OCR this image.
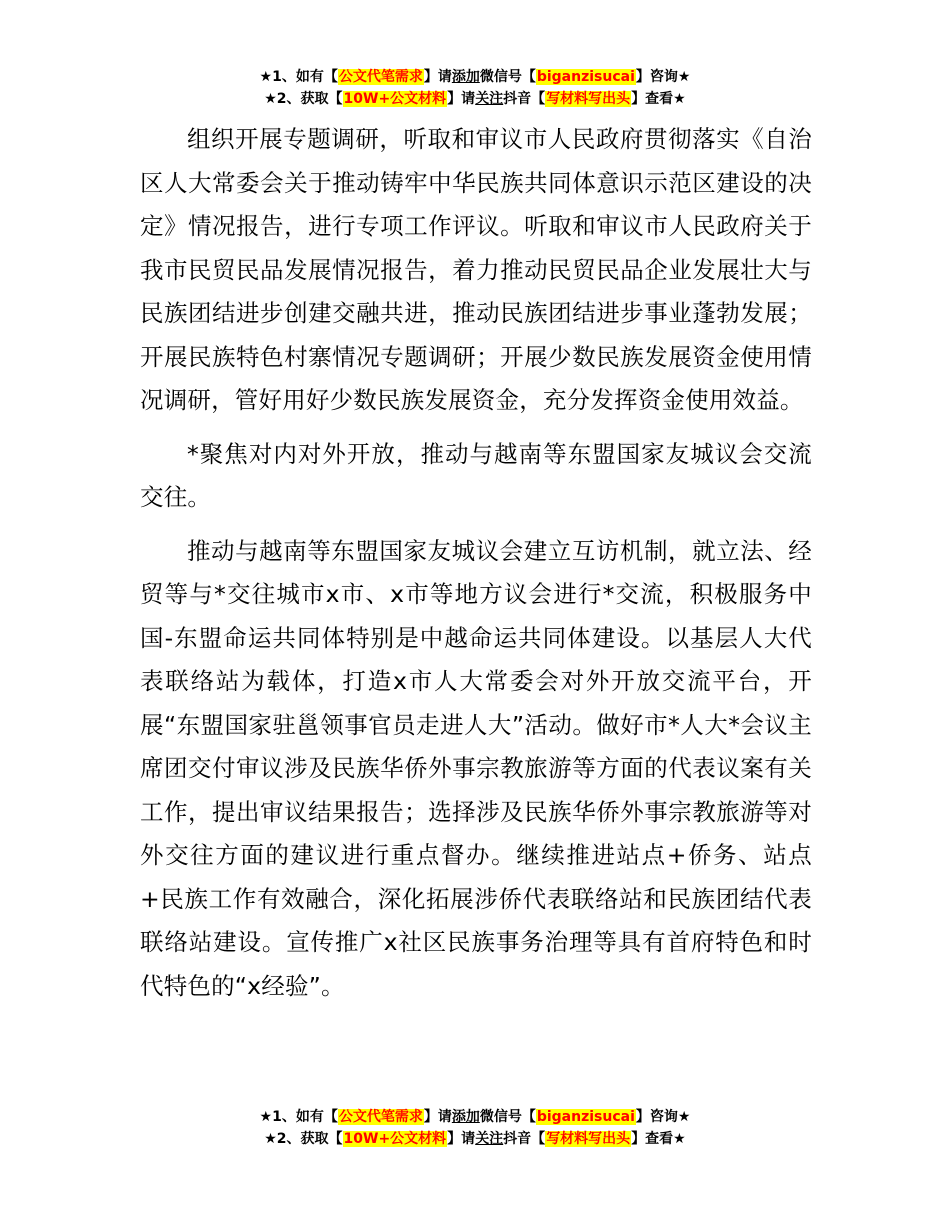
★1、如有【公文代笔需求】请添加微信号【biganzisucai】咨询★
★2、获取【10W+公文材料】请关注抖音【写材料写出头】查看★

组织开展专题调研，听取和审议市人民政府贯彻落实《自治区人大常委会关于推动铸牢中华民族共同体意识示范区建设的决定》情况报告，进行专项工作评议。听取和审议市人民政府关于我市民贸民品发展情况报告，着力推动民贸民品企业发展壮大与民族团结进步创建交融共进，推动民族团结进步事业蓬勃发展；开展民族特色村寨情况专题调研；开展少数民族发展资金使用情况调研，管好用好少数民族发展资金，充分发挥资金使用效益。

*聚焦对内对外开放，推动与越南等东盟国家友城议会交流交往。

推动与越南等东盟国家友城议会建立互访机制，就立法、经贸等与*交往城市x市、x市等地方议会进行*交流，积极服务中国-东盟命运共同体特别是中越命运共同体建设。以基层人大代表联络站为载体，打造x市人大常委会对外开放交流平台，开展“东盟国家驻邕领事官员走进人大”活动。做好市*人大*会议主席团交付审议涉及民族华侨外事宗教旅游等方面的代表议案有关工作，提出审议结果报告；选择涉及民族华侨外事宗教旅游等对外交往方面的建议进行重点督办。继续推进站点+侨务、站点+民族工作有效融合，深化拓展涉侨代表联络站和民族团结代表联络站建设。宣传推广x社区民族事务治理等具有首府特色和时代特色的“x经验”。

★1、如有【公文代笔需求】请添加微信号【biganzisucai】咨询★
★2、获取【10W+公文材料】请关注抖音【写材料写出头】查看★
